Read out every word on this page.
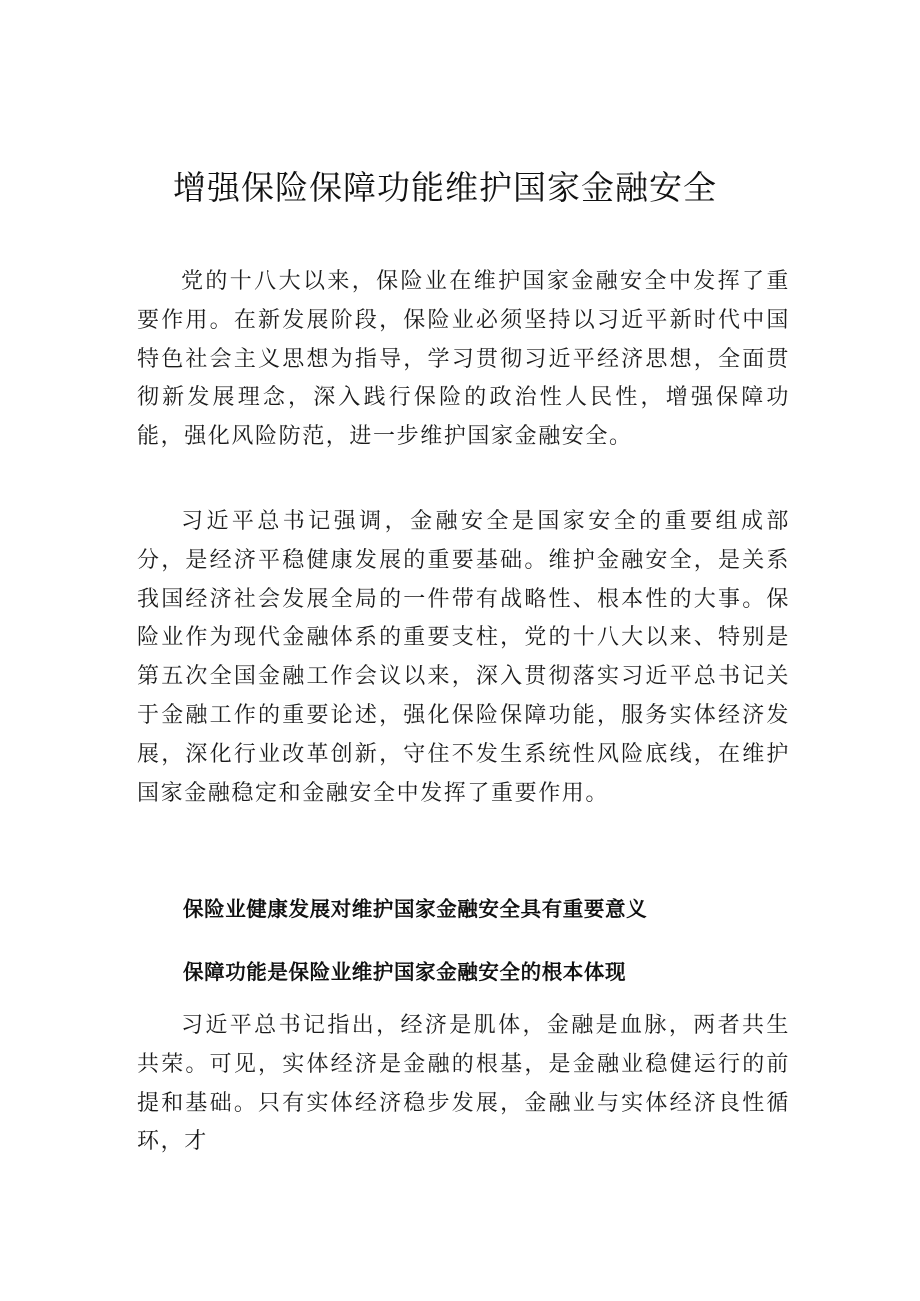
增强保险保障功能维护国家金融安全

党的十八大以来，保险业在维护国家金融安全中发挥了重要作用。在新发展阶段，保险业必须坚持以习近平新时代中国特色社会主义思想为指导，学习贯彻习近平经济思想，全面贯彻新发展理念，深入践行保险的政治性人民性，增强保障功能，强化风险防范，进一步维护国家金融安全。

习近平总书记强调，金融安全是国家安全的重要组成部分，是经济平稳健康发展的重要基础。维护金融安全，是关系我国经济社会发展全局的一件带有战略性、根本性的大事。保险业作为现代金融体系的重要支柱，党的十八大以来、特别是第五次全国金融工作会议以来，深入贯彻落实习近平总书记关于金融工作的重要论述，强化保险保障功能，服务实体经济发展，深化行业改革创新，守住不发生系统性风险底线，在维护国家金融稳定和金融安全中发挥了重要作用。

保险业健康发展对维护国家金融安全具有重要意义
保障功能是保险业维护国家金融安全的根本体现

习近平总书记指出，经济是肌体，金融是血脉，两者共生共荣。可见，实体经济是金融的根基，是金融业稳健运行的前提和基础。只有实体经济稳步发展，金融业与实体经济良性循环，才
